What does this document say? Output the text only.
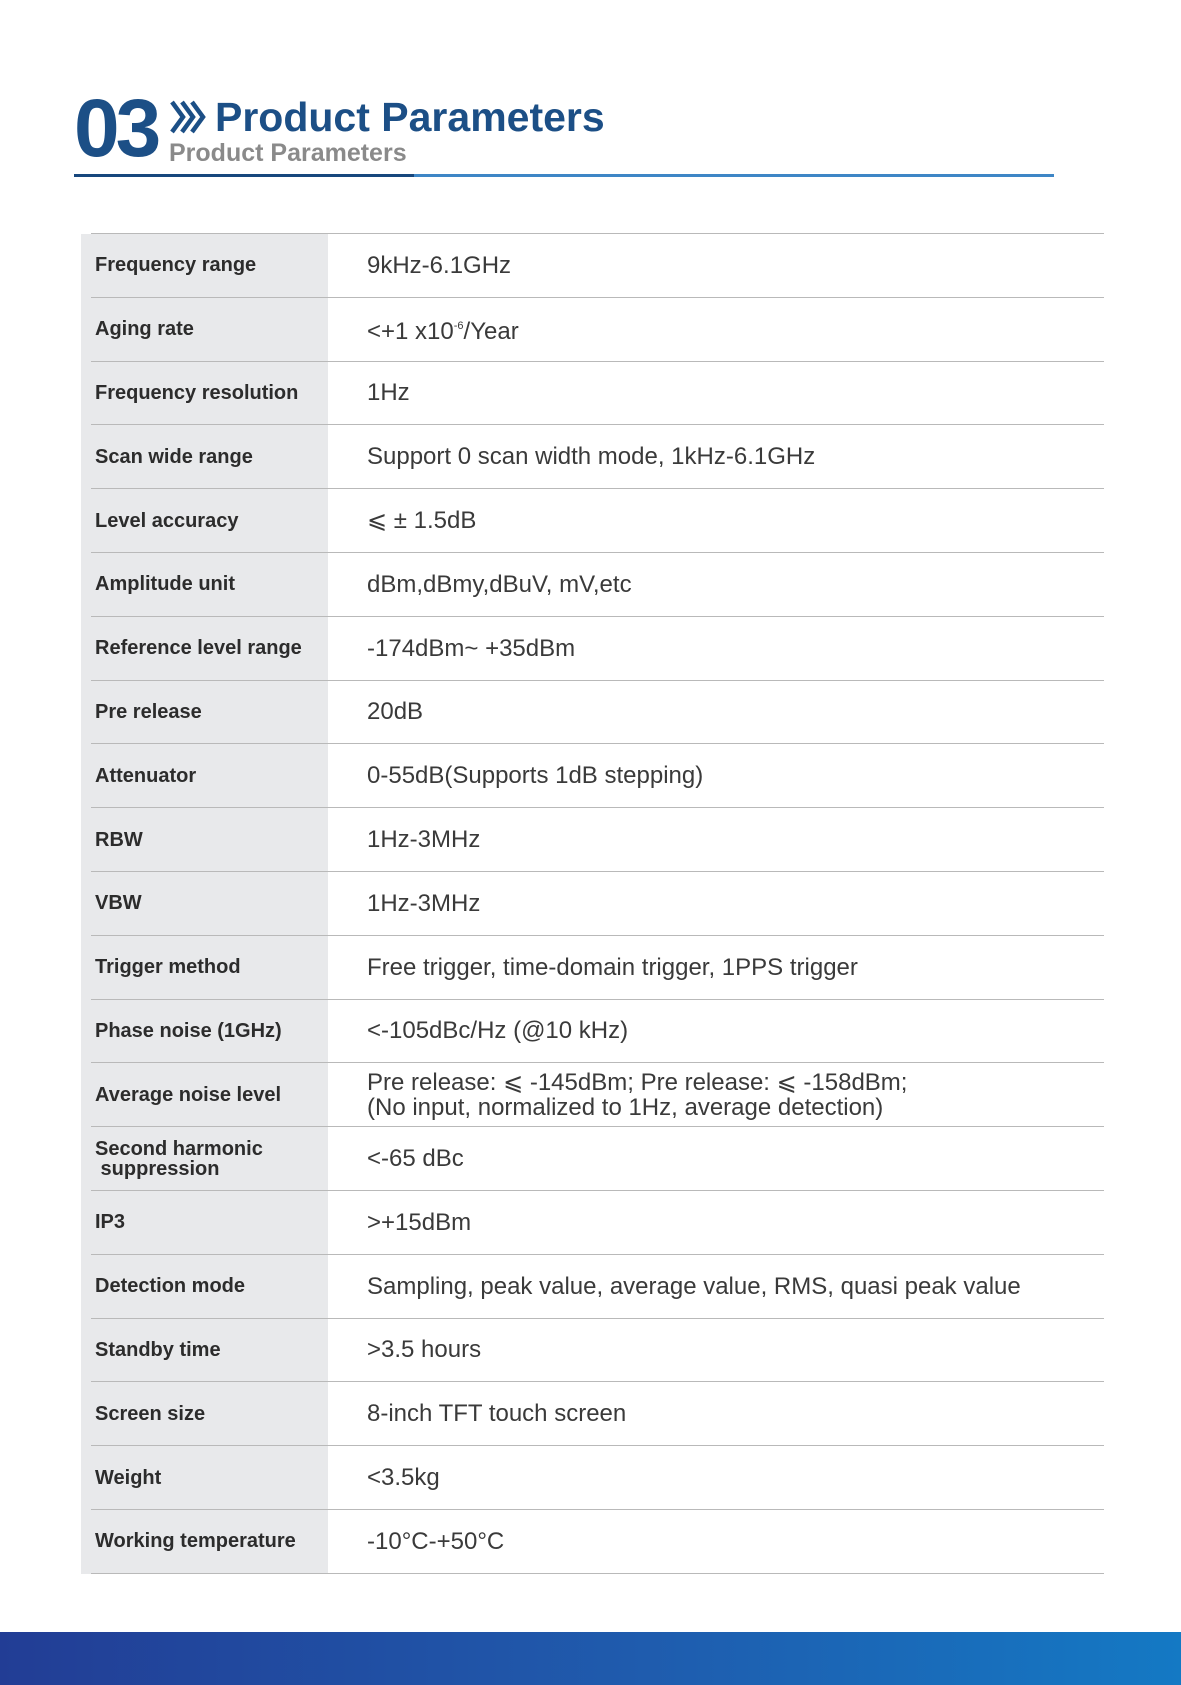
03 Product Parameters
Product Parameters
Frequency range	9kHz-6.1GHz
Aging rate	<+1 $x10^{-6}$/Year
Frequency resolution	1Hz
Scan wide range	Support 0 scan width mode, 1kHz-6.1GHz
Level accuracy	⩽ ± 1.5dB
Amplitude unit	dBm,dBmy,dBuV, mV,etc
Reference level range	-174dBm~ +35dBm
Pre release	20dB
Attenuator	0-55dB(Supports 1dB stepping)
RBW	1Hz-3MHz
VBW	1Hz-3MHz
Trigger method	Free trigger, time-domain trigger, 1PPS trigger
Phase noise (1GHz)	<-105dBc/Hz (@10 kHz)
Average noise level	Pre release: ⩽ -145dBm; Pre release: ⩽ -158dBm;
(No input, normalized to 1Hz, average detection)
Second harmonic
suppression	<-65 dBc
IP3	>+15dBm
Detection mode	Sampling, peak value, average value, RMS, quasi peak value
Standby time	>3.5 hours
Screen size	8-inch TFT touch screen
Weight	<3.5kg
Working temperature	-10°C-+50°C
